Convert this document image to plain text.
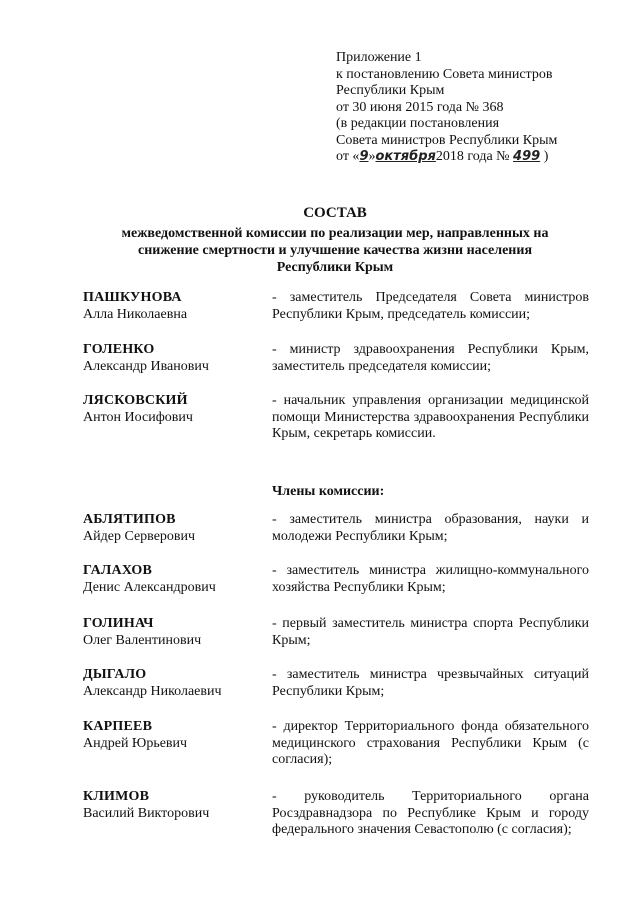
Приложение 1
к постановлению Совета министров
Республики Крым
от 30 июня 2015 года № 368
(в редакции постановления
Совета министров Республики Крым
от «9»октября2018 года № 499 )
СОСТАВ
межведомственной комиссии по реализации мер, направленных на
снижение смертности и улучшение качества жизни населения
Республики Крым
ПАШКУНОВА
Алла Николаевна
- заместитель Председателя Совета министров Республики Крым, председатель комиссии;
ГОЛЕНКО
Александр Иванович
- министр здравоохранения Республики Крым, заместитель председателя комиссии;
ЛЯСКОВСКИЙ
Антон Иосифович
- начальник управления организации медицинской помощи Министерства здравоохранения Республики Крым, секретарь комиссии.
Члены комиссии:
АБЛЯТИПОВ
Айдер Серверович
- заместитель министра образования, науки и молодежи Республики Крым;
ГАЛАХОВ
Денис Александрович
- заместитель министра жилищно-коммунального хозяйства Республики Крым;
ГОЛИНАЧ
Олег Валентинович
- первый заместитель министра спорта Республики Крым;
ДЫГАЛО
Александр Николаевич
- заместитель министра чрезвычайных ситуаций Республики Крым;
КАРПЕЕВ
Андрей Юрьевич
- директор Территориального фонда обязательного медицинского страхования Республики Крым (с согласия);
КЛИМОВ
Василий Викторович
- руководитель Территориального органа Росздравнадзора по Республике Крым и городу федерального значения Севастополю (с согласия);
